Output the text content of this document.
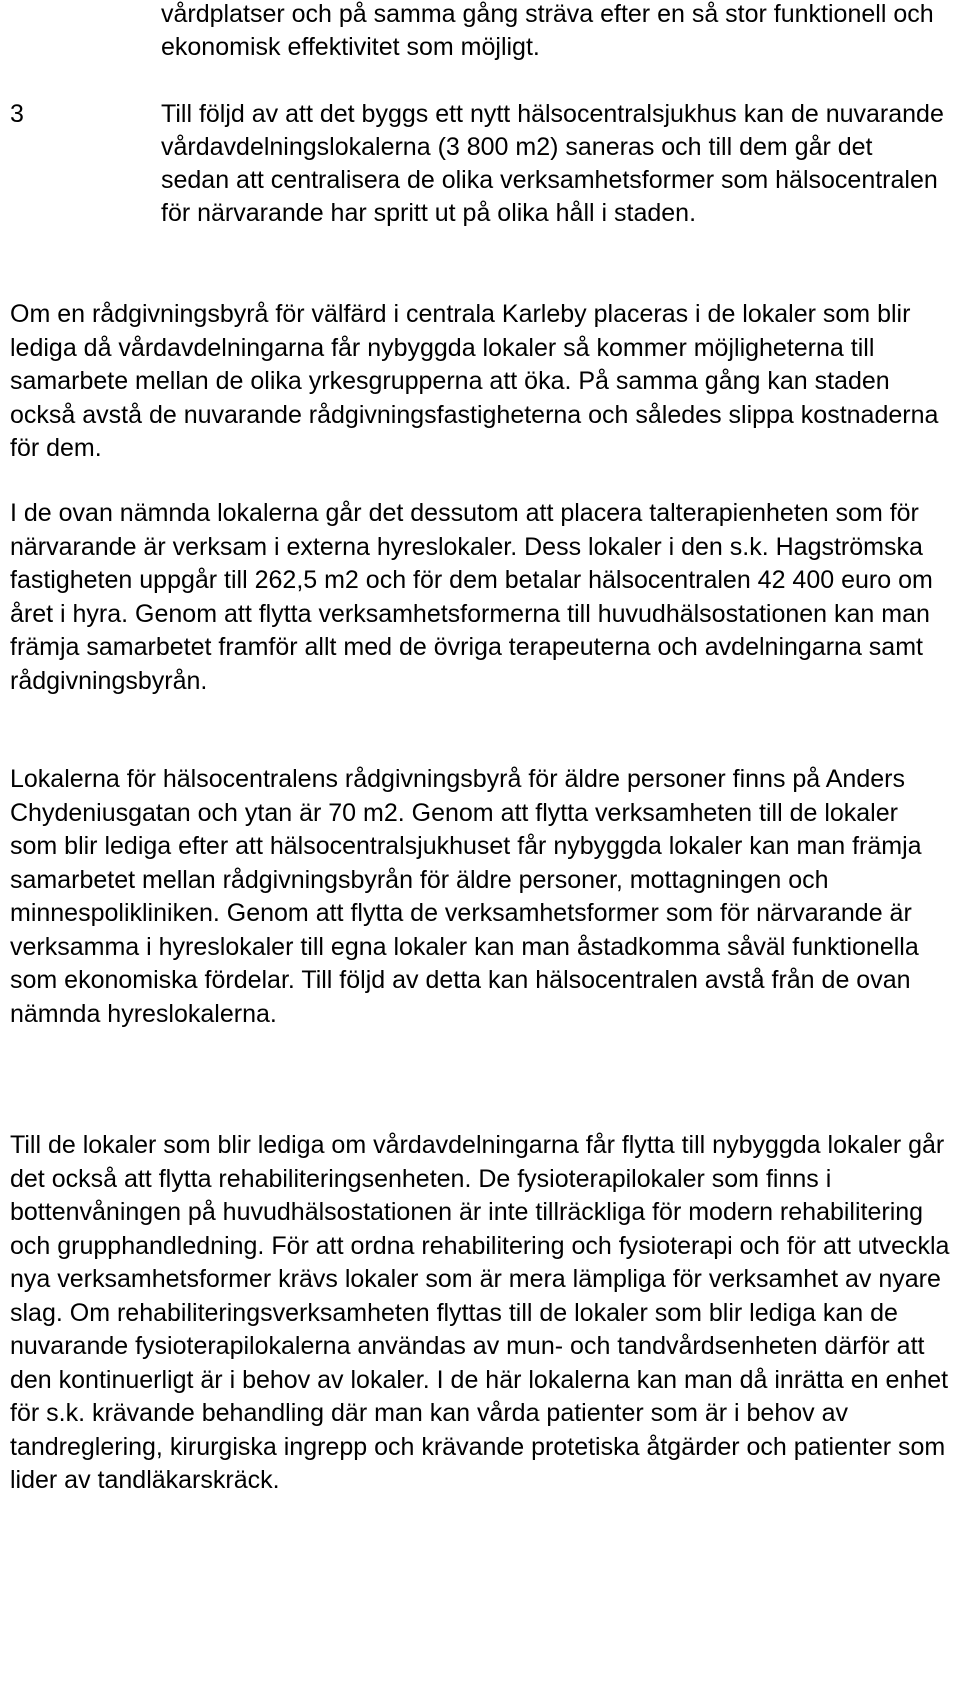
vårdplatser och på samma gång sträva efter en så stor funktionell och ekonomisk effektivitet som möjligt.
3	Till följd av att det byggs ett nytt hälsocentralsjukhus kan de nuvarande vårdavdelningslokalerna (3 800 m2) saneras och till dem går det sedan att centralisera de olika verksamhetsformer som hälsocentralen för närvarande har spritt ut på olika håll i staden.

Om en rådgivningsbyrå för välfärd i centrala Karleby placeras i de lokaler som blir lediga då vårdavdelningarna får nybyggda lokaler så kommer möjligheterna till samarbete mellan de olika yrkesgrupperna att öka. På samma gång kan staden också avstå de nuvarande rådgivningsfastigheterna och således slippa kostnaderna för dem.

I de ovan nämnda lokalerna går det dessutom att placera talterapienheten som för närvarande är verksam i externa hyreslokaler. Dess lokaler i den s.k. Hagströmska fastigheten uppgår till 262,5 m2 och för dem betalar hälsocentralen 42 400 euro om året i hyra. Genom att flytta verksamhetsformerna till huvudhälsostationen kan man främja samarbetet framför allt med de övriga terapeuterna och avdelningarna samt rådgivningsbyrån.

Lokalerna för hälsocentralens rådgivningsbyrå för äldre personer finns på Anders Chydeniusgatan och ytan är 70 m2. Genom att flytta verksamheten till de lokaler som blir lediga efter att hälsocentralsjukhuset får nybyggda lokaler kan man främja samarbetet mellan rådgivningsbyrån för äldre personer, mottagningen och minnespolikliniken. Genom att flytta de verksamhetsformer som för närvarande är verksamma i hyreslokaler till egna lokaler kan man åstadkomma såväl funktionella som ekonomiska fördelar. Till följd av detta kan hälsocentralen avstå från de ovan nämnda hyreslokalerna.

Till de lokaler som blir lediga om vårdavdelningarna får flytta till nybyggda lokaler går det också att flytta rehabiliteringsenheten. De fysioterapilokaler som finns i bottenvåningen på huvudhälsostationen är inte tillräckliga för modern rehabilitering och grupphandledning. För att ordna rehabilitering och fysioterapi och för att utveckla nya verksamhetsformer krävs lokaler som är mera lämpliga för verksamhet av nyare slag. Om rehabiliteringsverksamheten flyttas till de lokaler som blir lediga kan de nuvarande fysioterapilokalerna användas av mun- och tandvårdsenheten därför att den kontinuerligt är i behov av lokaler. I de här lokalerna kan man då inrätta en enhet för s.k. krävande behandling där man kan vårda patienter som är i behov av tandreglering, kirurgiska ingrepp och krävande protetiska åtgärder och patienter som lider av tandläkarskräck.
